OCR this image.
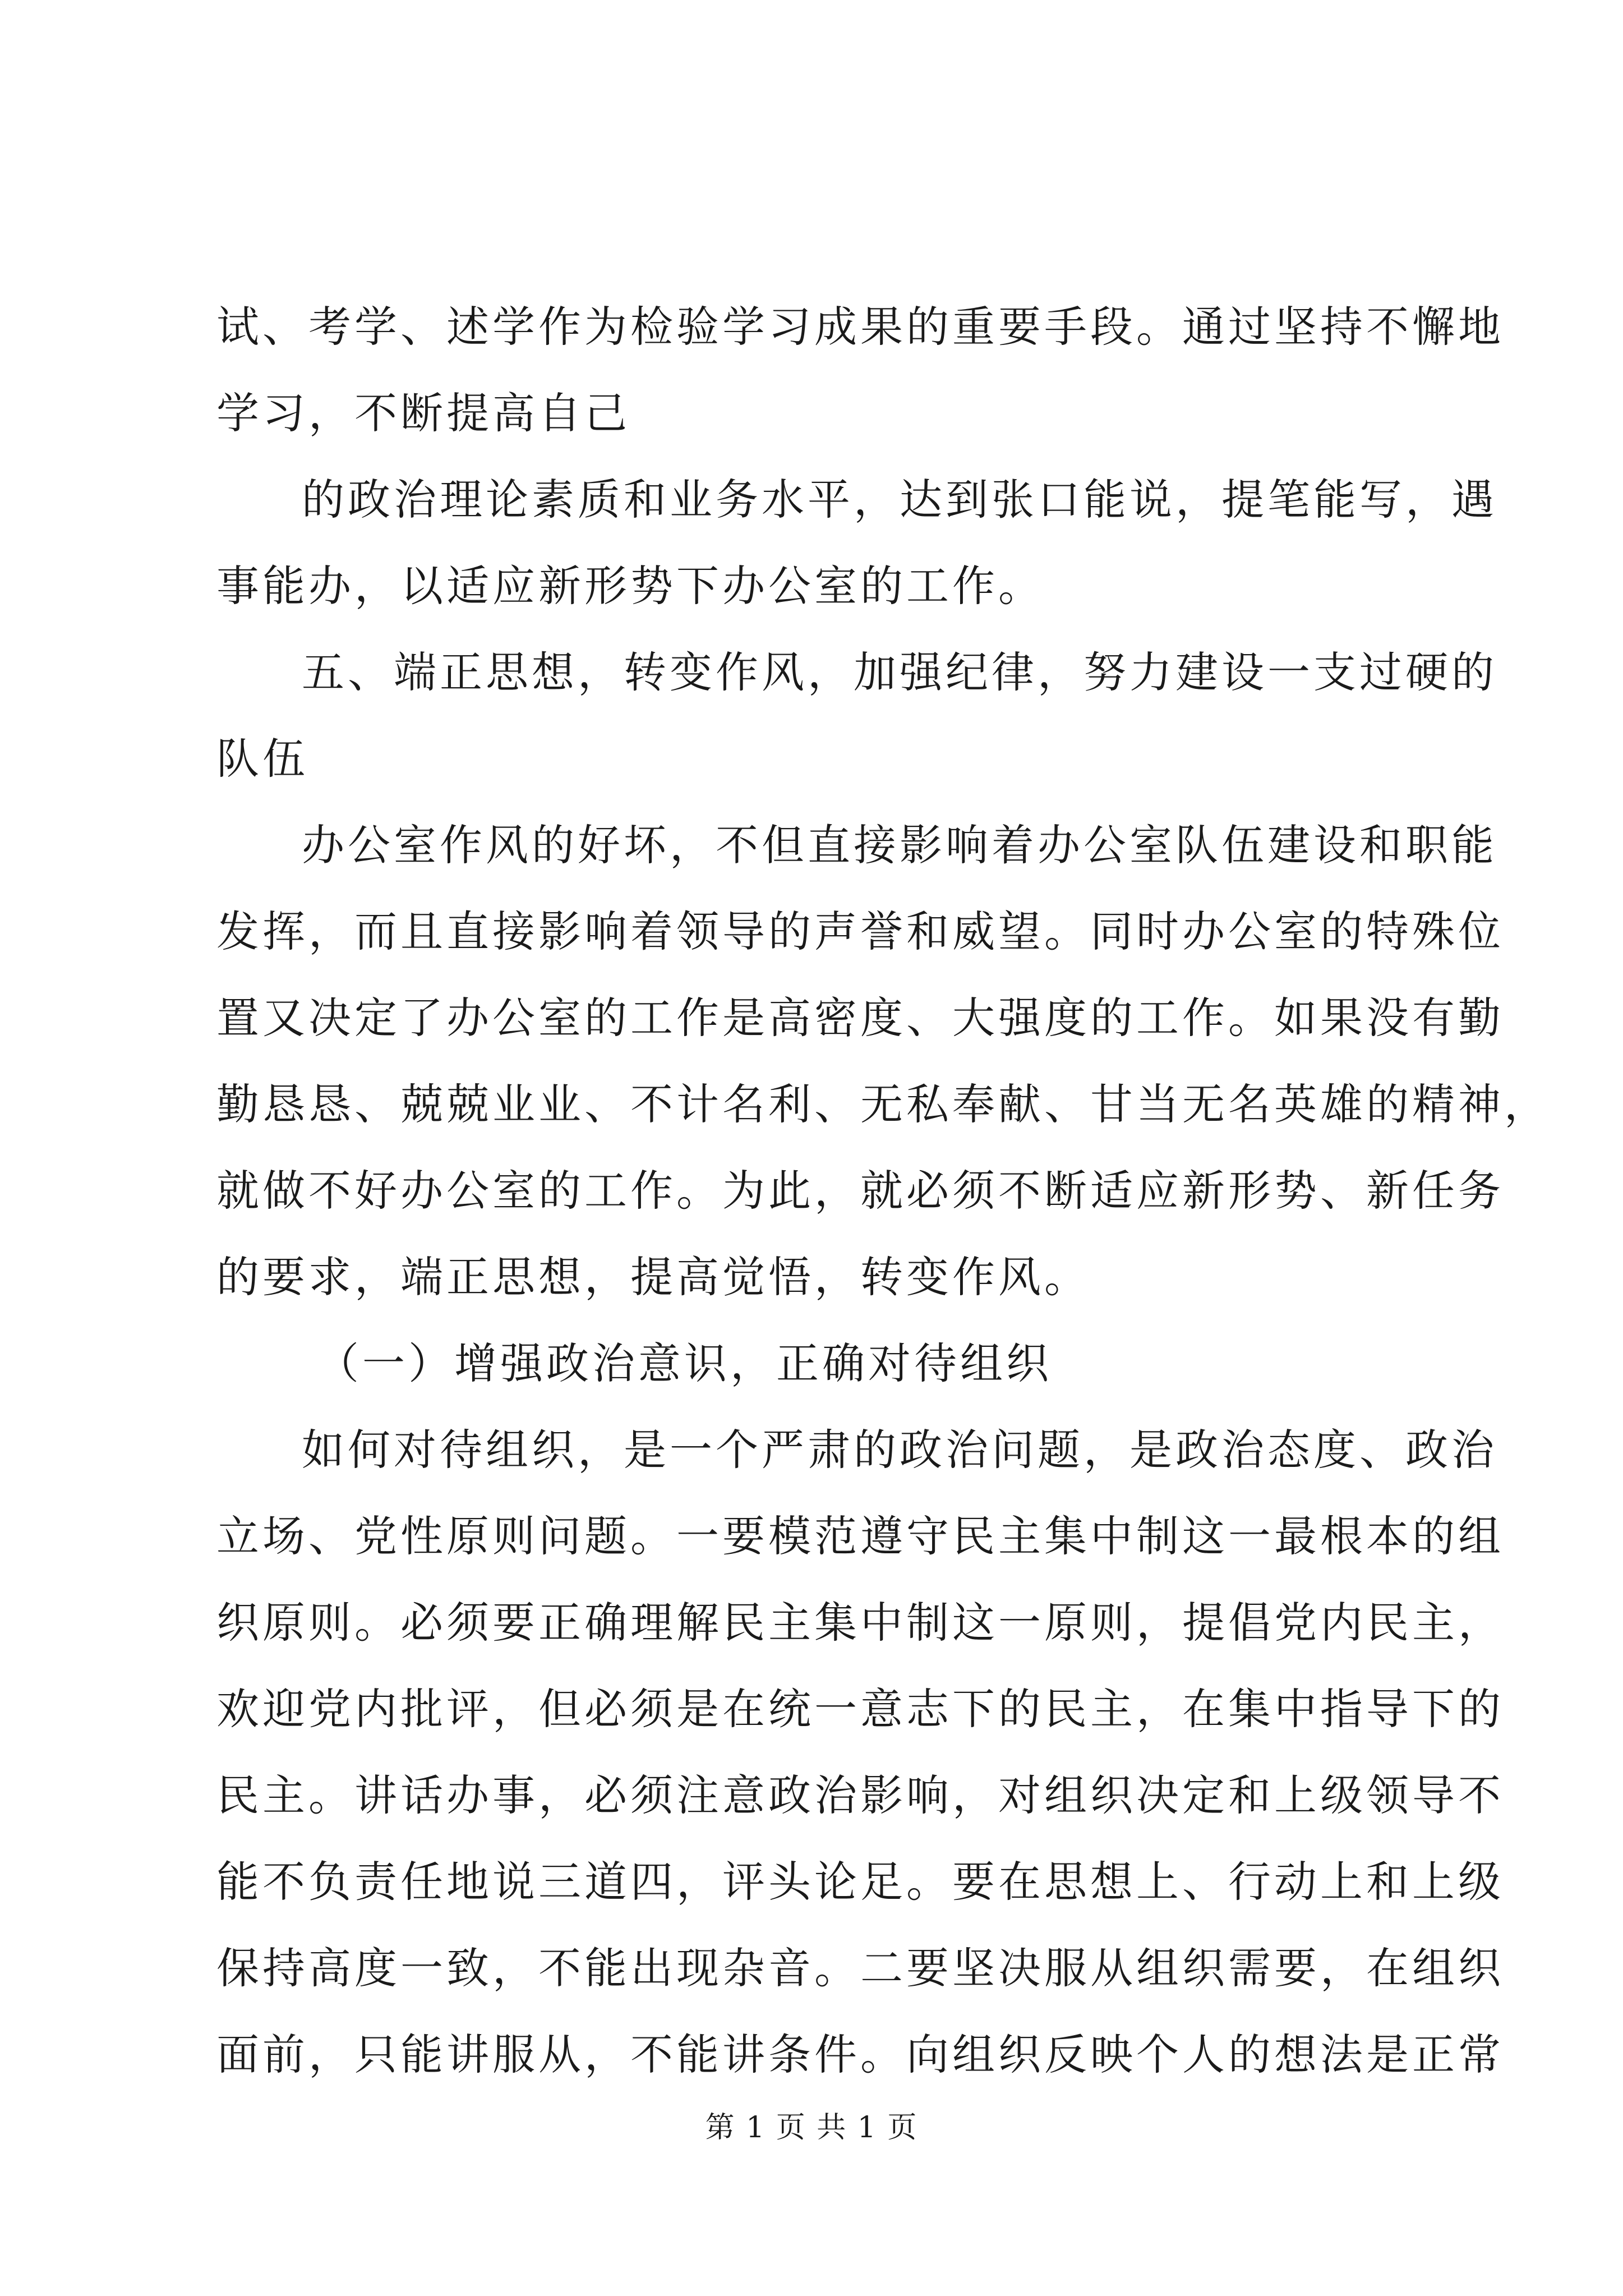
试、考学、述学作为检验学习成果的重要手段。通过坚持不懈地
学习，不断提高自己
的政治理论素质和业务水平，达到张口能说，提笔能写，遇
事能办，以适应新形势下办公室的工作。
五、端正思想，转变作风，加强纪律，努力建设一支过硬的
队伍
办公室作风的好坏，不但直接影响着办公室队伍建设和职能
发挥，而且直接影响着领导的声誉和威望。同时办公室的特殊位
置又决定了办公室的工作是高密度、大强度的工作。如果没有勤
勤恳恳、兢兢业业、不计名利、无私奉献、甘当无名英雄的精神，
就做不好办公室的工作。为此，就必须不断适应新形势、新任务
的要求，端正思想，提高觉悟，转变作风。
（一）增强政治意识，正确对待组织
如何对待组织，是一个严肃的政治问题，是政治态度、政治
立场、党性原则问题。一要模范遵守民主集中制这一最根本的组
织原则。必须要正确理解民主集中制这一原则，提倡党内民主，
欢迎党内批评，但必须是在统一意志下的民主，在集中指导下的
民主。讲话办事，必须注意政治影响，对组织决定和上级领导不
能不负责任地说三道四，评头论足。要在思想上、行动上和上级
保持高度一致，不能出现杂音。二要坚决服从组织需要，在组织
面前，只能讲服从，不能讲条件。向组织反映个人的想法是正常
第 1 页 共 1 页
